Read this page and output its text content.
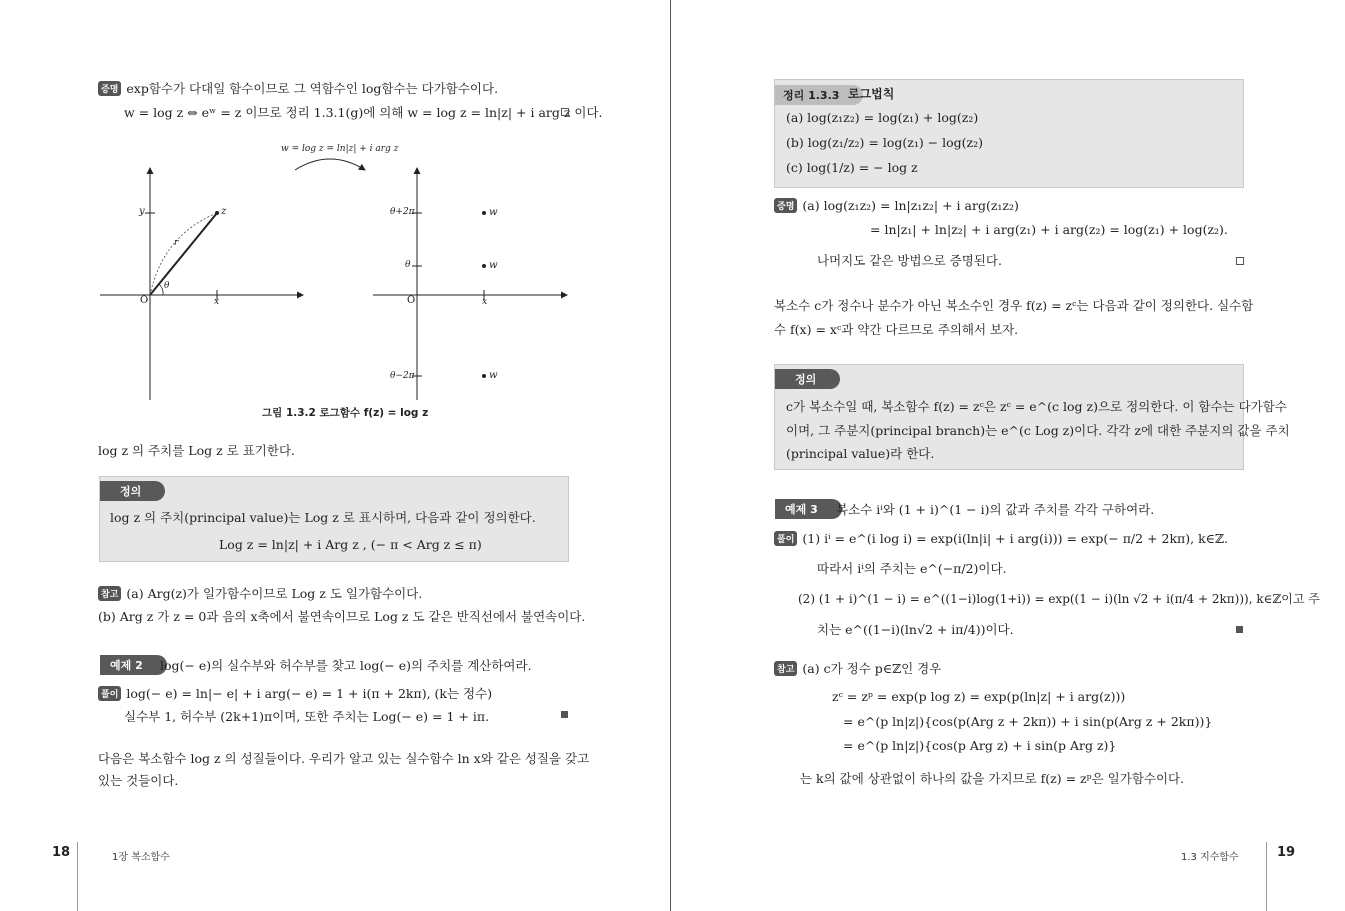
증명 exp함수가 다대일 함수이므로 그 역함수인 log함수는 다가함수이다.
w = log z ⇔ eʷ = z 이므로 정리 1.3.1(g)에 의해 w = log z = ln|z| + i arg z 이다.
w = log z = ln|z| + i arg z
y	z
r
θ
O	x
θ+2π
θ
θ−2π
w
w
w
O	x
그림 1.3.2 로그함수 f(z) = log z
log z 의 주치를 Log z 로 표기한다.
정의
log z 의 주치(principal value)는 Log z 로 표시하며, 다음과 같이 정의한다.
Log z = ln|z| + i Arg z , (− π < Arg z ≤ π)
참고 (a) Arg(z)가 일가함수이므로 Log z 도 일가함수이다.
(b) Arg z 가 z = 0과 음의 x축에서 불연속이므로 Log z 도 같은 반직선에서 불연속이다.
예제 2	log(− e)의 실수부와 허수부를 찾고 log(− e)의 주치를 계산하여라.
풀이 log(− e) = ln|− e| + i arg(− e) = 1 + i(π + 2kπ), (k는 정수)
실수부 1, 허수부 (2k+1)π이며, 또한 주치는 Log(− e) = 1 + iπ.
다음은 복소함수 log z 의 성질들이다. 우리가 알고 있는 실수함수 ln x와 같은 성질을 갖고
있는 것들이다.
18	1장 복소함수
정리 1.3.3 로그법칙
(a) log(z₁z₂) = log(z₁) + log(z₂)
(b) log(z₁/z₂) = log(z₁) − log(z₂)
(c) log(1/z) = − log z
증명 (a) log(z₁z₂) = ln|z₁z₂| + i arg(z₁z₂)
= ln|z₁| + ln|z₂| + i arg(z₁) + i arg(z₂) = log(z₁) + log(z₂).
나머지도 같은 방법으로 증명된다.
복소수 c가 정수나 분수가 아닌 복소수인 경우 f(z) = zᶜ는 다음과 같이 정의한다. 실수함
수 f(x) = xᶜ과 약간 다르므로 주의해서 보자.
정의
c가 복소수일 때, 복소함수 f(z) = zᶜ은 zᶜ = e^(c log z)으로 정의한다. 이 함수는 다가함수
이며, 그 주분지(principal branch)는 e^(c Log z)이다. 각각 z에 대한 주분지의 값을 주치
(principal value)라 한다.
예제 3	복소수 iⁱ와 (1 + i)^(1 − i)의 값과 주치를 각각 구하여라.
풀이 (1) iⁱ = e^(i log i) = exp(i(ln|i| + i arg(i))) = exp(− π/2 + 2kπ), k∈ℤ.
따라서 iⁱ의 주치는 e^(−π/2)이다.
(2) (1 + i)^(1 − i) = e^((1−i)log(1+i)) = exp((1 − i)(ln √2 + i(π/4 + 2kπ))), k∈ℤ이고 주
치는 e^((1−i)(ln√2 + iπ/4))이다.
참고 (a) c가 정수 p∈ℤ인 경우
zᶜ = zᵖ = exp(p log z) = exp(p(ln|z| + i arg(z)))
= e^(p ln|z|){cos(p(Arg z + 2kπ)) + i sin(p(Arg z + 2kπ))}
= e^(p ln|z|){cos(p Arg z) + i sin(p Arg z)}
는 k의 값에 상관없이 하나의 값을 가지므로 f(z) = zᵖ은 일가함수이다.
1.3 지수함수	19
